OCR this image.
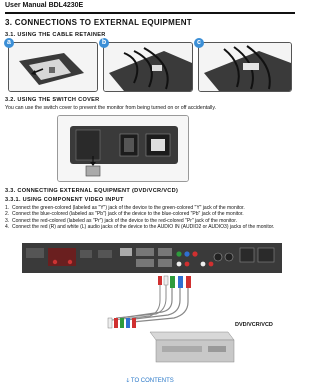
User Manual BDL4230E
3. CONNECTIONS TO EXTERNAL EQUIPMENT
3.1. USING THE CABLE RETAINER
a	b	c
3.2. USING THE SWITCH COVER
You can use the switch cover to prevent the monitor from being turned on or off accidentally.
3.3. CONNECTING EXTERNAL EQUIPMENT (DVD/VCR/VCD)
3.3.1. USING COMPONENT VIDEO INPUT
1. Connect the green-colored (labeled as "Y") jack of the device to the green-colored "Y" jack of the monitor.
2. Connect the blue-colored (labeled as "Pb") jack of the device to the blue-colored "Pb" jack of the monitor.
3. Connect the red-colored (labeled as "Pr") jack of the device to the red-colored "Pr" jack of the monitor.
4. Connect the red (R) and white (L) audio jacks of the device to the AUDIO IN (AUDIO2 or AUDIO3) jacks of the monitor.
DVD/VCR/VCD
ↆ TO CONTENTS
